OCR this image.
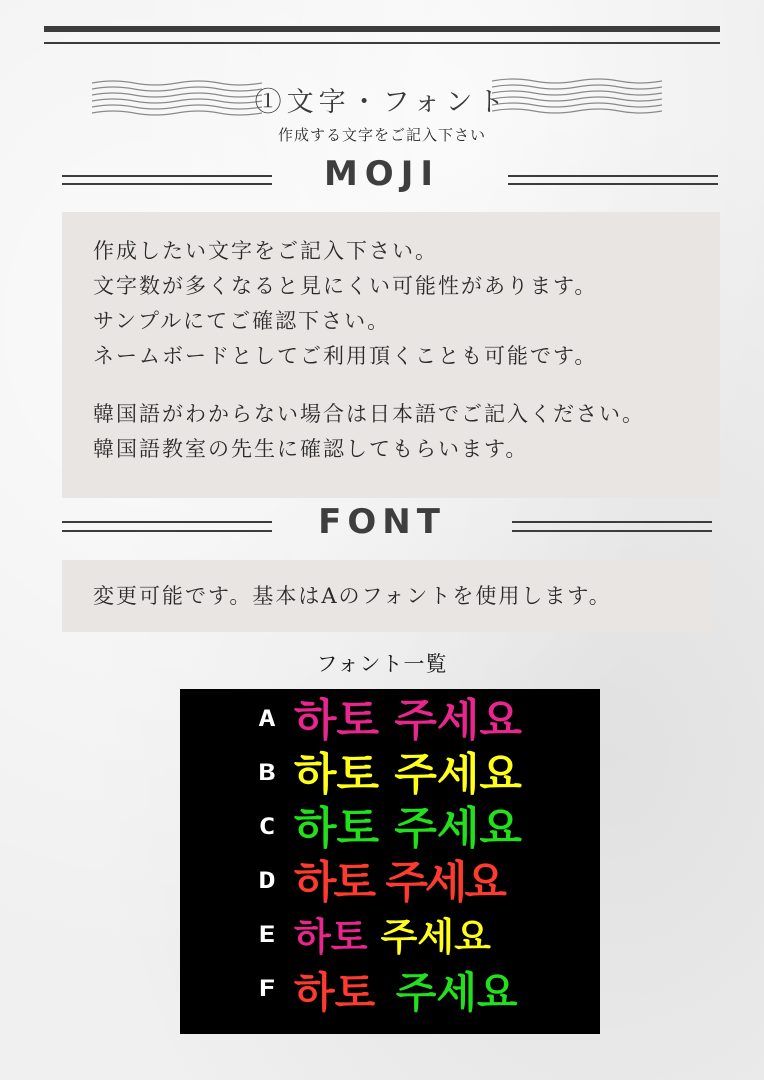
①文字・フォント
作成する文字をご記入下さい
MOJI

作成したい文字をご記入下さい。

文字数が多くなると見にくい可能性があります。

サンプルにてご確認下さい。

ネームボードとしてご利用頂くことも可能です。

韓国語がわからない場合は日本語でご記入ください。

韓国語教室の先生に確認してもらいます。

FONT

変更可能です。基本はAのフォントを使用します。

フォント一覧
A 하토 주세요
B 하토 주세요
C 하토 주세요
D 하토 주세요
E 하토 주세요
F 하토 주세요
